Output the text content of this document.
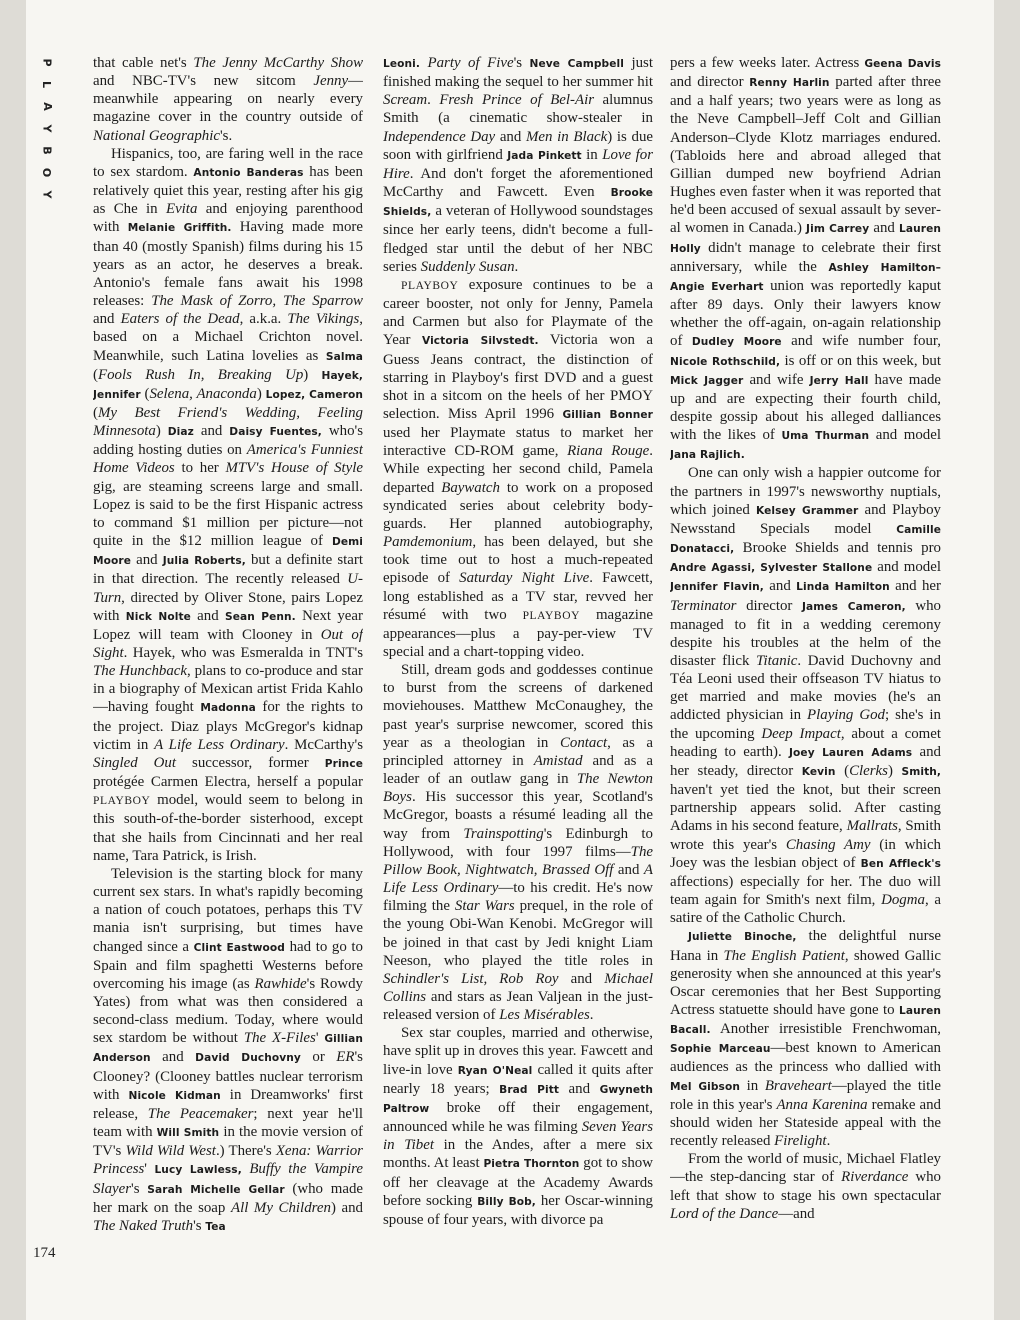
P
L
A
Y
B
O
Y

that cable net's The Jenny McCarthy Show and NBC-TV's new sitcom Jenny—meanwhile appearing on nearly every magazine cover in the country outside of National Geographic's.

Hispanics, too, are faring well in the race to sex stardom. Antonio Banderas has been relatively quiet this year, resting after his gig as Che in Evita and enjoying parenthood with Melanie Griffith. Having made more than 40 (mostly Spanish) films during his 15 years as an actor, he deserves a break. Antonio's female fans await his 1998 releases: The Mask of Zorro, The Sparrow and Eaters of the Dead, a.k.a. The Vikings, based on a Michael Crichton novel. Meanwhile, such Latina lovelies as Salma (Fools Rush In, Breaking Up) Hayek, Jennifer (Selena, Anaconda) Lopez, Cameron (My Best Friend's Wedding, Feeling Minnesota) Diaz and Daisy Fuentes, who's adding hosting duties on America's Funniest Home Videos to her MTV's House of Style gig, are steaming screens large and small. Lopez is said to be the first Hispanic actress to command $1 million per picture—not quite in the $12 million league of Demi Moore and Julia Roberts, but a definite start in that direction. The recently released U-Turn, directed by Oliver Stone, pairs Lopez with Nick Nolte and Sean Penn. Next year Lopez will team with Clooney in Out of Sight. Hayek, who was Esmeralda in TNT's The Hunchback, plans to co-produce and star in a biography of Mexican artist Frida Kahlo—having fought Madonna for the rights to the project. Diaz plays McGregor's kidnap victim in A Life Less Ordinary. McCarthy's Singled Out successor, former Prince protégée Carmen Electra, herself a popular PLAYBOY model, would seem to belong in this south-of-the-border sisterhood, except that she hails from Cincinnati and her real name, Tara Patrick, is Irish.

Television is the starting block for many current sex stars. In what's rapidly becoming a nation of couch potatoes, perhaps this TV mania isn't surprising, but times have changed since a Clint Eastwood had to go to Spain and film spaghetti Westerns before overcoming his image (as Rawhide's Rowdy Yates) from what was then considered a second-class medium. Today, where would sex stardom be without The X-Files' Gillian Anderson and David Duchovny or ER's Clooney? (Clooney battles nuclear terrorism with Nicole Kidman in Dreamworks' first release, The Peacemaker; next year he'll team with Will Smith in the movie version of TV's Wild Wild West.) There's Xena: Warrior Princess' Lucy Lawless, Buffy the Vampire Slayer's Sarah Michelle Gellar (who made her mark on the soap All My Children) and The Naked Truth's Tea

Leoni. Party of Five's Neve Campbell just finished making the sequel to her summer hit Scream. Fresh Prince of Bel-Air alumnus Smith (a cinematic show-stealer in Independence Day and Men in Black) is due soon with girlfriend Jada Pinkett in Love for Hire. And don't forget the aforementioned McCarthy and Fawcett. Even Brooke Shields, a veteran of Hollywood soundstages since her early teens, didn't become a full-fledged star until the debut of her NBC series Suddenly Susan.

PLAYBOY exposure continues to be a career booster, not only for Jenny, Pamela and Carmen but also for Playmate of the Year Victoria Silvstedt. Victoria won a Guess Jeans contract, the distinction of starring in Playboy's first DVD and a guest shot in a sitcom on the heels of her PMOY selection. Miss April 1996 Gillian Bonner used her Playmate status to market her interactive CD-ROM game, Riana Rouge. While expecting her second child, Pamela departed Baywatch to work on a proposed syndicated series about celebrity bodyguards. Her planned autobiography, Pamdemonium, has been delayed, but she took time out to host a much-repeated episode of Saturday Night Live. Fawcett, long established as a TV star, revved her résumé with two PLAYBOY magazine appearances—plus a pay-per-view TV special and a chart-topping video.

Still, dream gods and goddesses continue to burst from the screens of darkened moviehouses. Matthew McConaughey, the past year's surprise newcomer, scored this year as a theologian in Contact, as a principled attorney in Amistad and as a leader of an outlaw gang in The Newton Boys. His successor this year, Scotland's McGregor, boasts a résumé leading all the way from Trainspotting's Edinburgh to Hollywood, with four 1997 films—The Pillow Book, Nightwatch, Brassed Off and A Life Less Ordinary—to his credit. He's now filming the Star Wars prequel, in the role of the young Obi-Wan Kenobi. McGregor will be joined in that cast by Jedi knight Liam Neeson, who played the title roles in Schindler's List, Rob Roy and Michael Collins and stars as Jean Valjean in the just-released version of Les Misérables.

Sex star couples, married and otherwise, have split up in droves this year. Fawcett and live-in love Ryan O'Neal called it quits after nearly 18 years; Brad Pitt and Gwyneth Paltrow broke off their engagement, announced while he was filming Seven Years in Tibet in the Andes, after a mere six months. At least Pietra Thornton got to show off her cleavage at the Academy Awards before socking Billy Bob, her Oscar-winning spouse of four years, with divorce pa

pers a few weeks later. Actress Geena Davis and director Renny Harlin parted after three and a half years; two years were as long as the Neve Campbell–Jeff Colt and Gillian Anderson–Clyde Klotz marriages endured. (Tabloids here and abroad alleged that Gillian dumped new boyfriend Adrian Hughes even faster when it was reported that he'd been accused of sexual assault by several women in Canada.) Jim Carrey and Lauren Holly didn't manage to celebrate their first anniversary, while the Ashley Hamilton–Angie Everhart union was reportedly kaput after 89 days. Only their lawyers know whether the off-again, on-again relationship of Dudley Moore and wife number four, Nicole Rothschild, is off or on this week, but Mick Jagger and wife Jerry Hall have made up and are expecting their fourth child, despite gossip about his alleged dalliances with the likes of Uma Thurman and model Jana Rajlich.

One can only wish a happier outcome for the partners in 1997's newsworthy nuptials, which joined Kelsey Grammer and Playboy Newsstand Specials model Camille Donatacci, Brooke Shields and tennis pro Andre Agassi, Sylvester Stallone and model Jennifer Flavin, and Linda Hamilton and her Terminator director James Cameron, who managed to fit in a wedding ceremony despite his troubles at the helm of the disaster flick Titanic. David Duchovny and Téa Leoni used their offseason TV hiatus to get married and make movies (he's an addicted physician in Playing God; she's in the upcoming Deep Impact, about a comet heading to earth). Joey Lauren Adams and her steady, director Kevin (Clerks) Smith, haven't yet tied the knot, but their screen partnership appears solid. After casting Adams in his second feature, Mallrats, Smith wrote this year's Chasing Amy (in which Joey was the lesbian object of Ben Affleck's affections) especially for her. The duo will team again for Smith's next film, Dogma, a satire of the Catholic Church.

Juliette Binoche, the delightful nurse Hana in The English Patient, showed Gallic generosity when she announced at this year's Oscar ceremonies that her Best Supporting Actress statuette should have gone to Lauren Bacall. Another irresistible Frenchwoman, Sophie Marceau—best known to American audiences as the princess who dallied with Mel Gibson in Braveheart—played the title role in this year's Anna Karenina remake and should widen her Stateside appeal with the recently released Firelight.

From the world of music, Michael Flatley—the step-dancing star of Riverdance who left that show to stage his own spectacular Lord of the Dance—and

174
